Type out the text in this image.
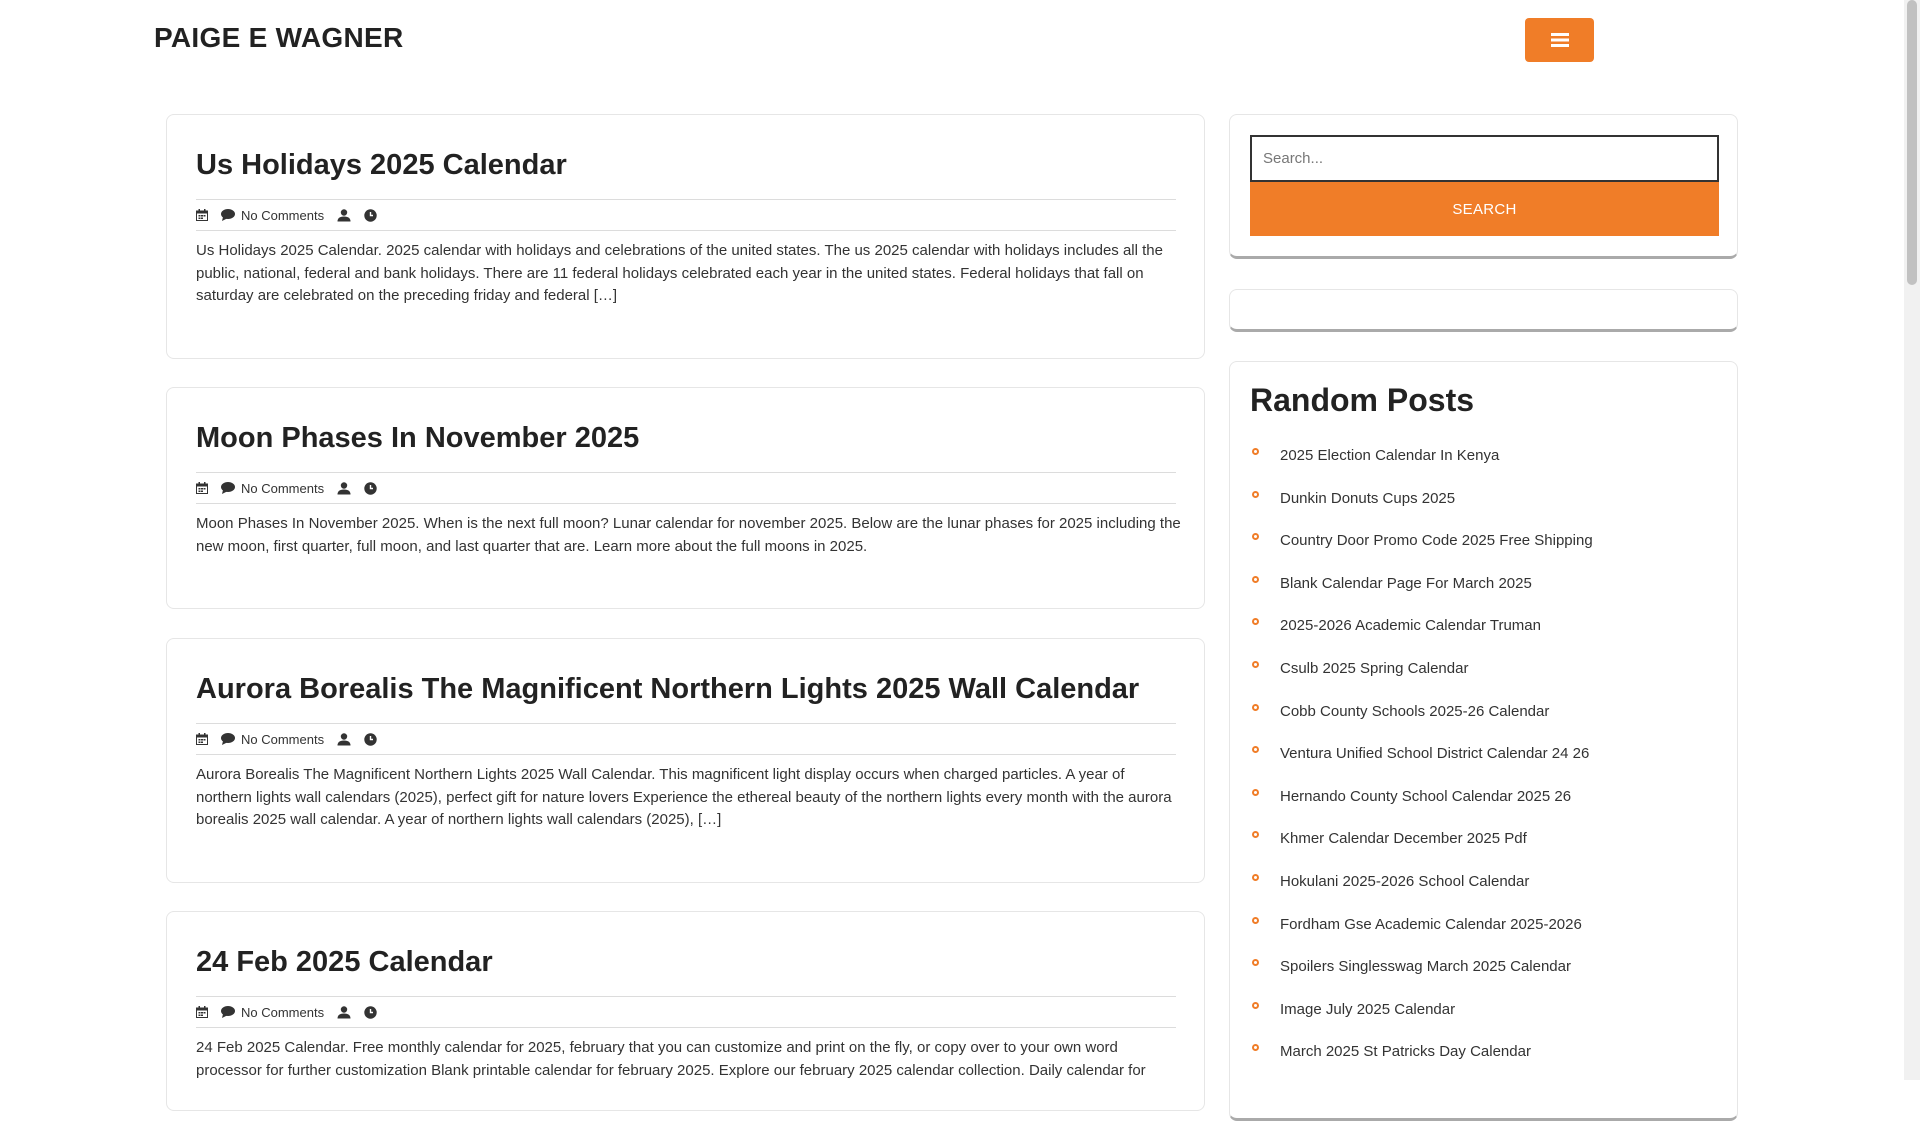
PAIGE E WAGNER
Us Holidays 2025 Calendar
No Comments

Us Holidays 2025 Calendar. 2025 calendar with holidays and celebrations of the united states. The us 2025 calendar with holidays includes all the public, national, federal and bank holidays. There are 11 federal holidays celebrated each year in the united states. Federal holidays that fall on saturday are celebrated on the preceding friday and federal […]

Moon Phases In November 2025
No Comments

Moon Phases In November 2025. When is the next full moon? Lunar calendar for november 2025. Below are the lunar phases for 2025 including the new moon, first quarter, full moon, and last quarter that are. Learn more about the full moons in 2025.

Aurora Borealis The Magnificent Northern Lights 2025 Wall Calendar
No Comments

Aurora Borealis The Magnificent Northern Lights 2025 Wall Calendar. This magnificent light display occurs when charged particles. A year of northern lights wall calendars (2025), perfect gift for nature lovers Experience the ethereal beauty of the northern lights every month with the aurora borealis 2025 wall calendar. A year of northern lights wall calendars (2025), […]

24 Feb 2025 Calendar
No Comments

24 Feb 2025 Calendar. Free monthly calendar for 2025, february that you can customize and print on the fly, or copy over to your own word processor for further customization Blank printable calendar for february 2025. Explore our february 2025 calendar collection. Daily calendar for

Search...
SEARCH
Random Posts
2025 Election Calendar In Kenya
Dunkin Donuts Cups 2025
Country Door Promo Code 2025 Free Shipping
Blank Calendar Page For March 2025
2025-2026 Academic Calendar Truman
Csulb 2025 Spring Calendar
Cobb County Schools 2025-26 Calendar
Ventura Unified School District Calendar 24 26
Hernando County School Calendar 2025 26
Khmer Calendar December 2025 Pdf
Hokulani 2025-2026 School Calendar
Fordham Gse Academic Calendar 2025-2026
Spoilers Singlesswag March 2025 Calendar
Image July 2025 Calendar
March 2025 St Patricks Day Calendar
